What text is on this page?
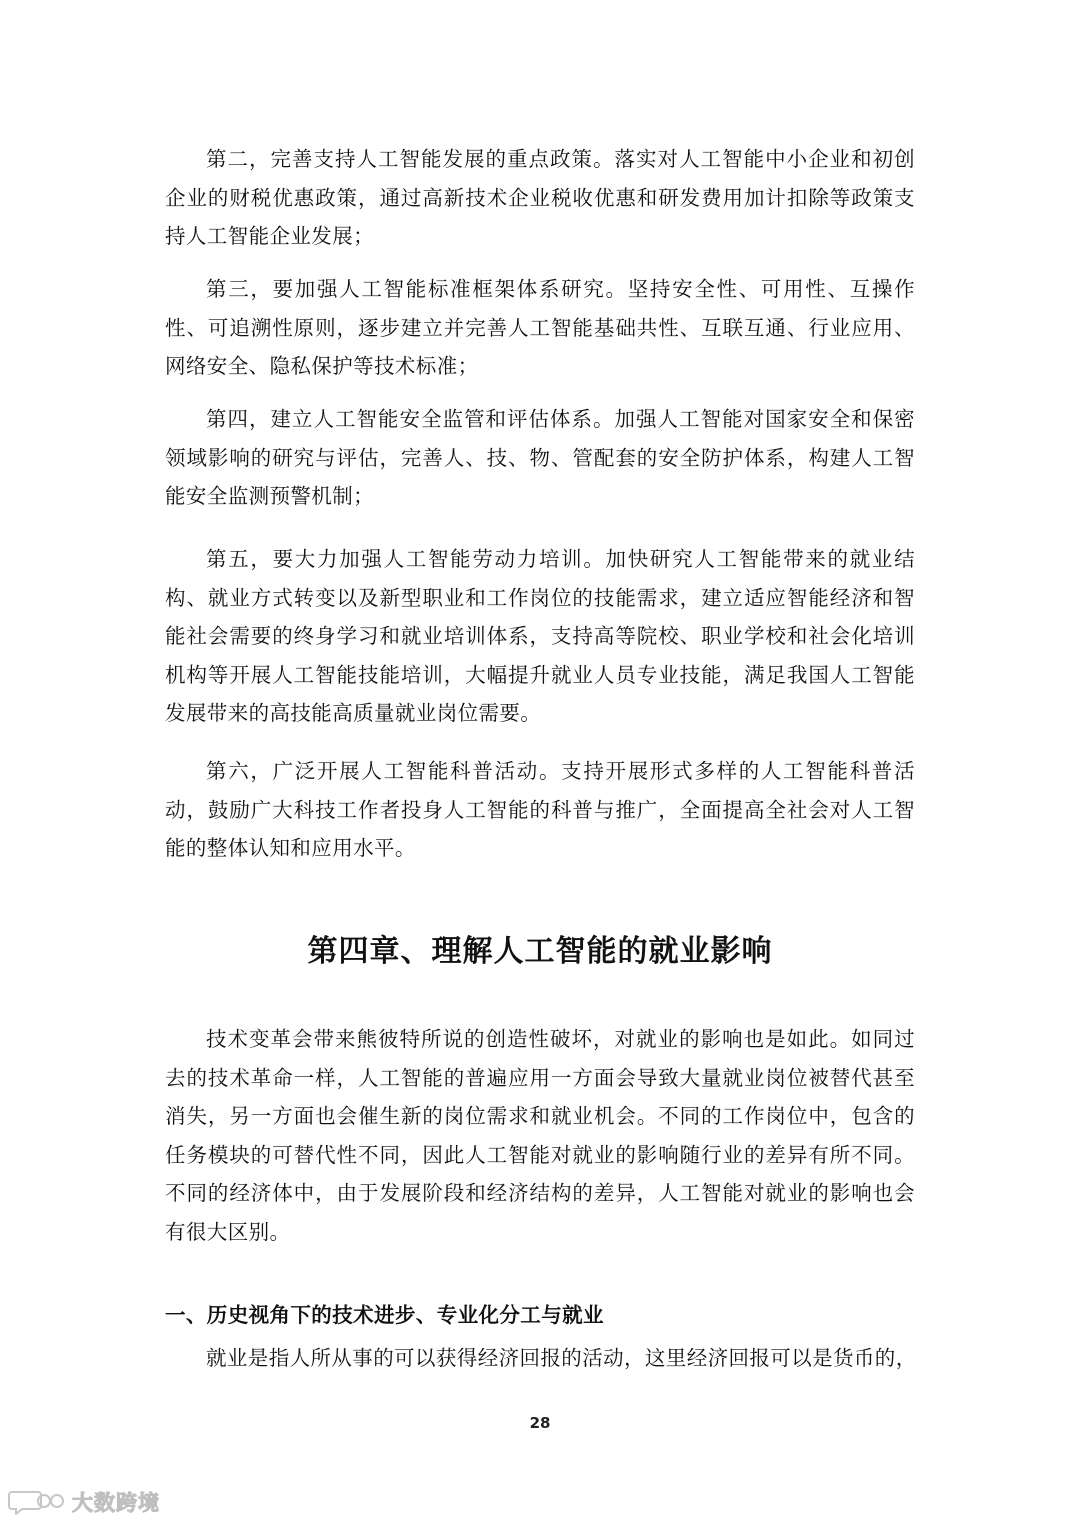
第二，完善支持人工智能发展的重点政策。落实对人工智能中小企业和初创企业的财税优惠政策，通过高新技术企业税收优惠和研发费用加计扣除等政策支持人工智能企业发展；

第三，要加强人工智能标准框架体系研究。坚持安全性、可用性、互操作性、可追溯性原则，逐步建立并完善人工智能基础共性、互联互通、行业应用、网络安全、隐私保护等技术标准；

第四，建立人工智能安全监管和评估体系。加强人工智能对国家安全和保密领域影响的研究与评估，完善人、技、物、管配套的安全防护体系，构建人工智能安全监测预警机制；

第五，要大力加强人工智能劳动力培训。加快研究人工智能带来的就业结构、就业方式转变以及新型职业和工作岗位的技能需求，建立适应智能经济和智能社会需要的终身学习和就业培训体系，支持高等院校、职业学校和社会化培训机构等开展人工智能技能培训，大幅提升就业人员专业技能，满足我国人工智能发展带来的高技能高质量就业岗位需要。

第六，广泛开展人工智能科普活动。支持开展形式多样的人工智能科普活动，鼓励广大科技工作者投身人工智能的科普与推广，全面提高全社会对人工智能的整体认知和应用水平。

第四章、理解人工智能的就业影响

技术变革会带来熊彼特所说的创造性破坏，对就业的影响也是如此。如同过去的技术革命一样，人工智能的普遍应用一方面会导致大量就业岗位被替代甚至消失，另一方面也会催生新的岗位需求和就业机会。不同的工作岗位中，包含的任务模块的可替代性不同，因此人工智能对就业的影响随行业的差异有所不同。不同的经济体中，由于发展阶段和经济结构的差异，人工智能对就业的影响也会有很大区别。

一、历史视角下的技术进步、专业化分工与就业

就业是指人所从事的可以获得经济回报的活动，这里经济回报可以是货币的，

28
大数跨境
